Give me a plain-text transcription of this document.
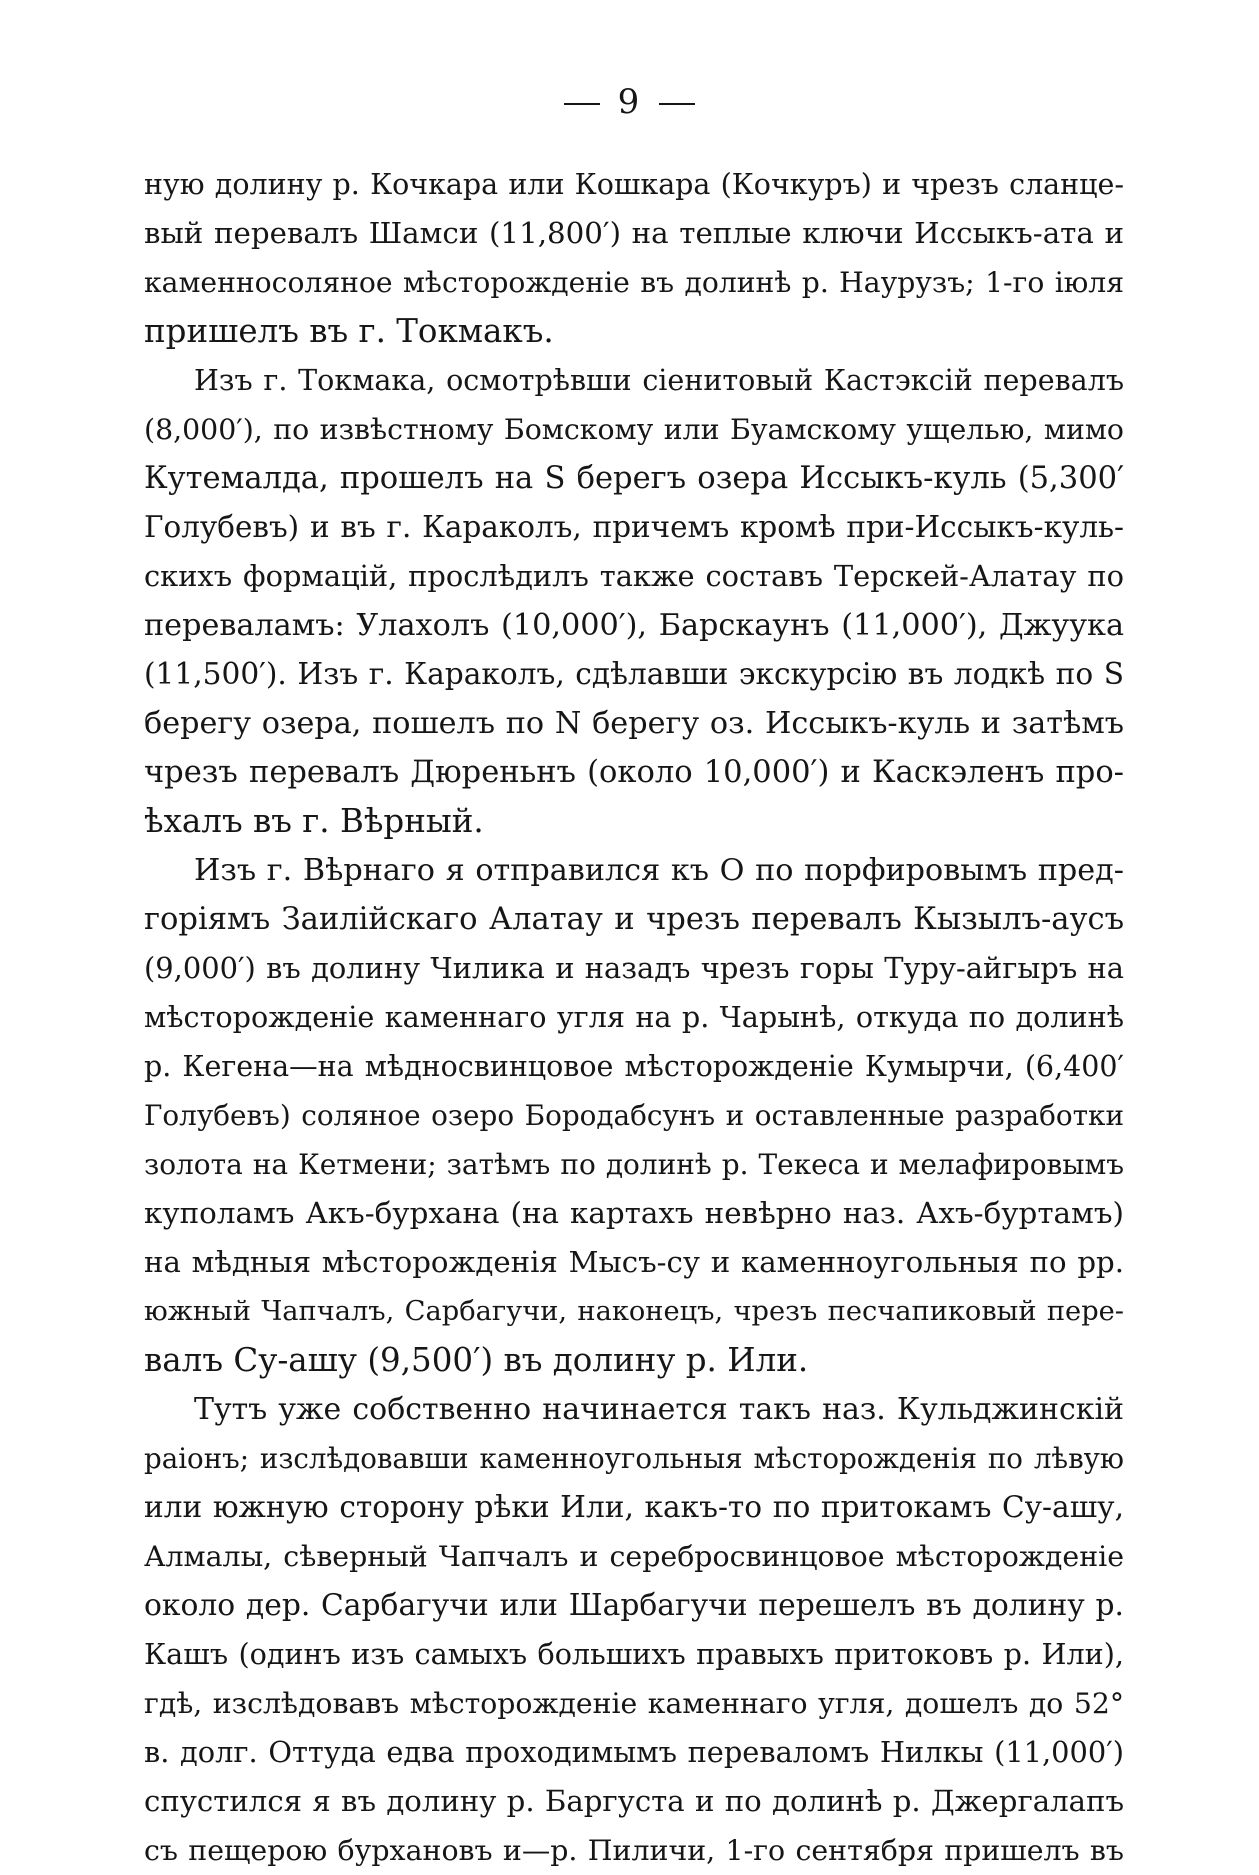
9
ную долину р. Кочкара или Кошкара (Кочкуръ) и чрезъ сланце-
вый перевалъ Шамси (11,800′) на теплые ключи Иссыкъ-ата и
каменносоляное мѣсторожденіе въ долинѣ р. Наурузъ; 1-го іюля
пришелъ въ г. Токмакъ.
Изъ г. Токмака, осмотрѣвши сіенитовый Кастэксій перевалъ
(8,000′), по извѣстному Бомскому или Буамскому ущелью, мимо
Кутемалда, прошелъ на S берегъ озера Иссыкъ-куль (5,300′
Голубевъ) и въ г. Караколъ, причемъ кромѣ при-Иссыкъ-куль-
скихъ формацій, прослѣдилъ также составъ Терскей-Алатау по
перевaламъ: Улахолъ (10,000′), Барскаунъ (11,000′), Джуука
(11,500′). Изъ г. Караколъ, сдѣлавши экскурсію въ лодкѣ по S
берегу озера, пошелъ по N берегу оз. Иссыкъ-куль и затѣмъ
чрезъ перевалъ Дюреньнъ (около 10,000′) и Каскэленъ про-
ѣхалъ въ г. Вѣрный.
Изъ г. Вѣрнаго я отправился къ О по порфировымъ пред-
горіямъ Заилійскаго Алатау и чрезъ перевалъ Кызылъ-аусъ
(9,000′) въ долину Чилика и назадъ чрезъ горы Туру-айгыръ на
мѣсторожденіе каменнаго угля на р. Чарынѣ, откуда по долинѣ
р. Кегена—на мѣдносвинцовое мѣсторожденіе Кумырчи, (6,400′
Голубевъ) соляное озеро Бородабсунъ и оставленные разработки
золота на Кетмени; затѣмъ по долинѣ р. Текеса и мелафировымъ
куполамъ Акъ-бурхана (на картахъ невѣрно наз. Ахъ-буртамъ)
на мѣдныя мѣсторожденія Мысъ-су и каменноугольныя по рр.
южный Чапчалъ, Сарбагучи, наконецъ, чрезъ песчапиковый пере-
валъ Су-ашу (9,500′) въ долину р. Или.
Тутъ уже собственно начинается такъ наз. Кульджинскій
раіонъ; изслѣдовавши каменноугольныя мѣсторожденія по лѣвую
или южную сторону рѣки Или, какъ-то по притокамъ Су-ашу,
Алмалы, сѣверный Чапчалъ и серебросвинцовое мѣсторожденіе
около дер. Сарбагучи или Шарбагучи перешелъ въ долину р.
Кашъ (одинъ изъ самыхъ большихъ правыхъ притоковъ р. Или),
гдѣ, изслѣдовавъ мѣсторожденіе каменнаго угля, дошелъ до 52°
в. долг. Оттуда едва проходимымъ переваломъ Нилкы (11,000′)
спустился я въ долину р. Баргуста и по долинѣ р. Джергалапъ
съ пещерою бурхановъ и—р. Пиличи, 1-го сентября пришелъ въ
